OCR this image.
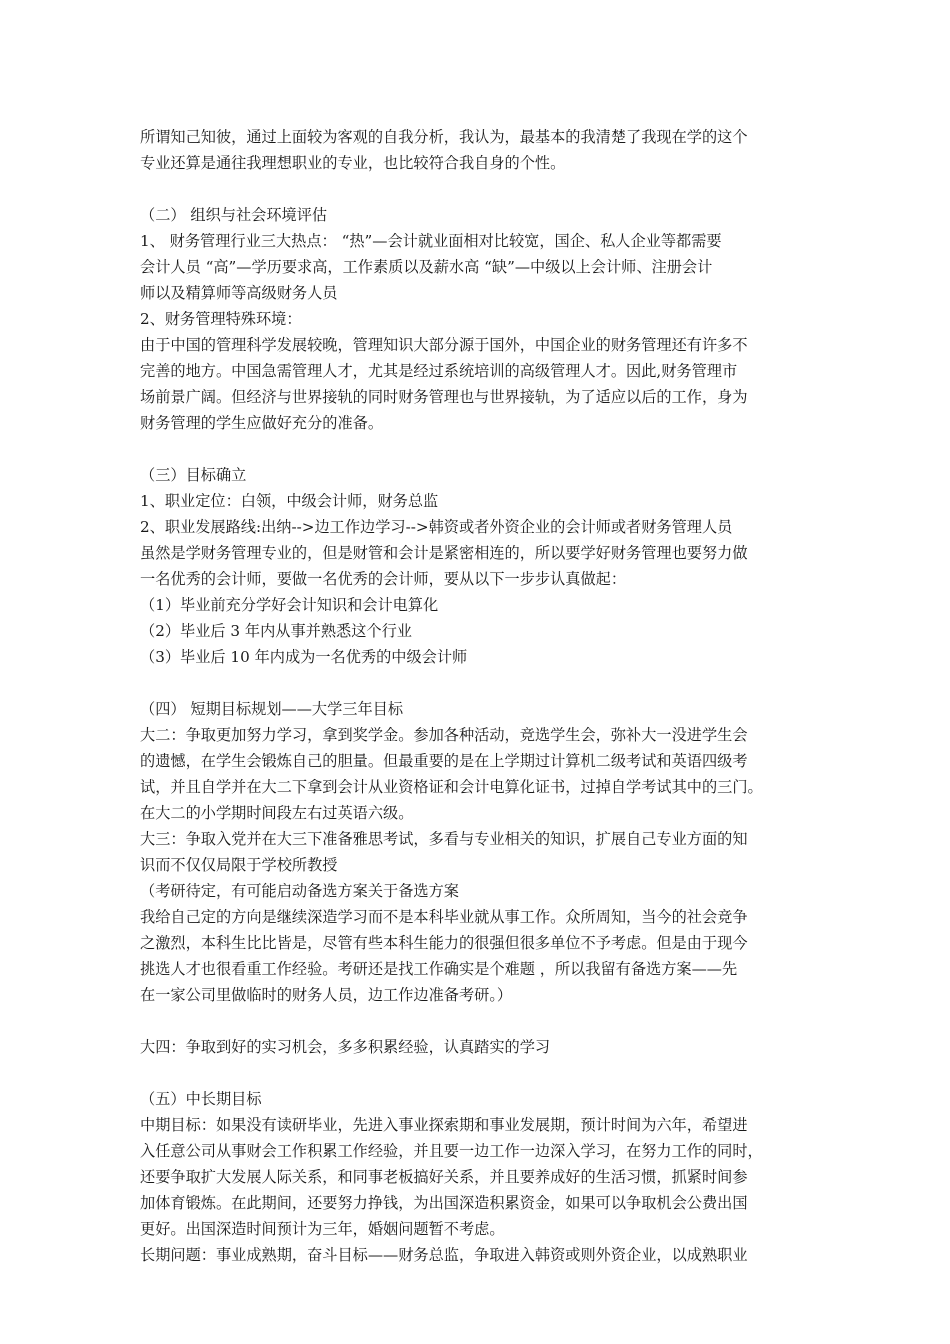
所谓知己知彼，通过上面较为客观的自我分析，我认为，最基本的我清楚了我现在学的这个
专业还算是通往我理想职业的专业，也比较符合我自身的个性。
（二） 组织与社会环境评估
1、 财务管理行业三大热点： “热”—会计就业面相对比较宽，国企、私人企业等都需要
会计人员 “高”—学历要求高，工作素质以及薪水高 “缺”—中级以上会计师、注册会计
师以及精算师等高级财务人员
2、财务管理特殊环境：
由于中国的管理科学发展较晚，管理知识大部分源于国外，中国企业的财务管理还有许多不
完善的地方。中国急需管理人才，尤其是经过系统培训的高级管理人才。因此,财务管理市
场前景广阔。但经济与世界接轨的同时财务管理也与世界接轨，为了适应以后的工作，身为
财务管理的学生应做好充分的准备。
（三）目标确立
1、职业定位：白领，中级会计师，财务总监
2、职业发展路线:出纳-->边工作边学习-->韩资或者外资企业的会计师或者财务管理人员
虽然是学财务管理专业的，但是财管和会计是紧密相连的，所以要学好财务管理也要努力做
一名优秀的会计师，要做一名优秀的会计师，要从以下一步步认真做起：
（1）毕业前充分学好会计知识和会计电算化
（2）毕业后 3 年内从事并熟悉这个行业
（3）毕业后 10 年内成为一名优秀的中级会计师
（四） 短期目标规划——大学三年目标
大二：争取更加努力学习，拿到奖学金。参加各种活动，竞选学生会，弥补大一没进学生会
的遗憾，在学生会锻炼自己的胆量。但最重要的是在上学期过计算机二级考试和英语四级考
试，并且自学并在大二下拿到会计从业资格证和会计电算化证书，过掉自学考试其中的三门。
在大二的小学期时间段左右过英语六级。
大三：争取入党并在大三下准备雅思考试，多看与专业相关的知识，扩展自己专业方面的知
识而不仅仅局限于学校所教授
（考研待定，有可能启动备选方案关于备选方案
我给自己定的方向是继续深造学习而不是本科毕业就从事工作。众所周知，当今的社会竞争
之激烈，本科生比比皆是，尽管有些本科生能力的很强但很多单位不予考虑。但是由于现今
挑选人才也很看重工作经验。考研还是找工作确实是个难题 ，所以我留有备选方案——先
在一家公司里做临时的财务人员，边工作边准备考研。）
大四：争取到好的实习机会，多多积累经验，认真踏实的学习
（五）中长期目标
中期目标：如果没有读研毕业，先进入事业探索期和事业发展期，预计时间为六年，希望进
入任意公司从事财会工作积累工作经验，并且要一边工作一边深入学习，在努力工作的同时，
还要争取扩大发展人际关系，和同事老板搞好关系，并且要养成好的生活习惯，抓紧时间参
加体育锻炼。在此期间，还要努力挣钱，为出国深造积累资金，如果可以争取机会公费出国
更好。出国深造时间预计为三年，婚姻问题暂不考虑。
长期问题：事业成熟期，奋斗目标——财务总监，争取进入韩资或则外资企业，以成熟职业
